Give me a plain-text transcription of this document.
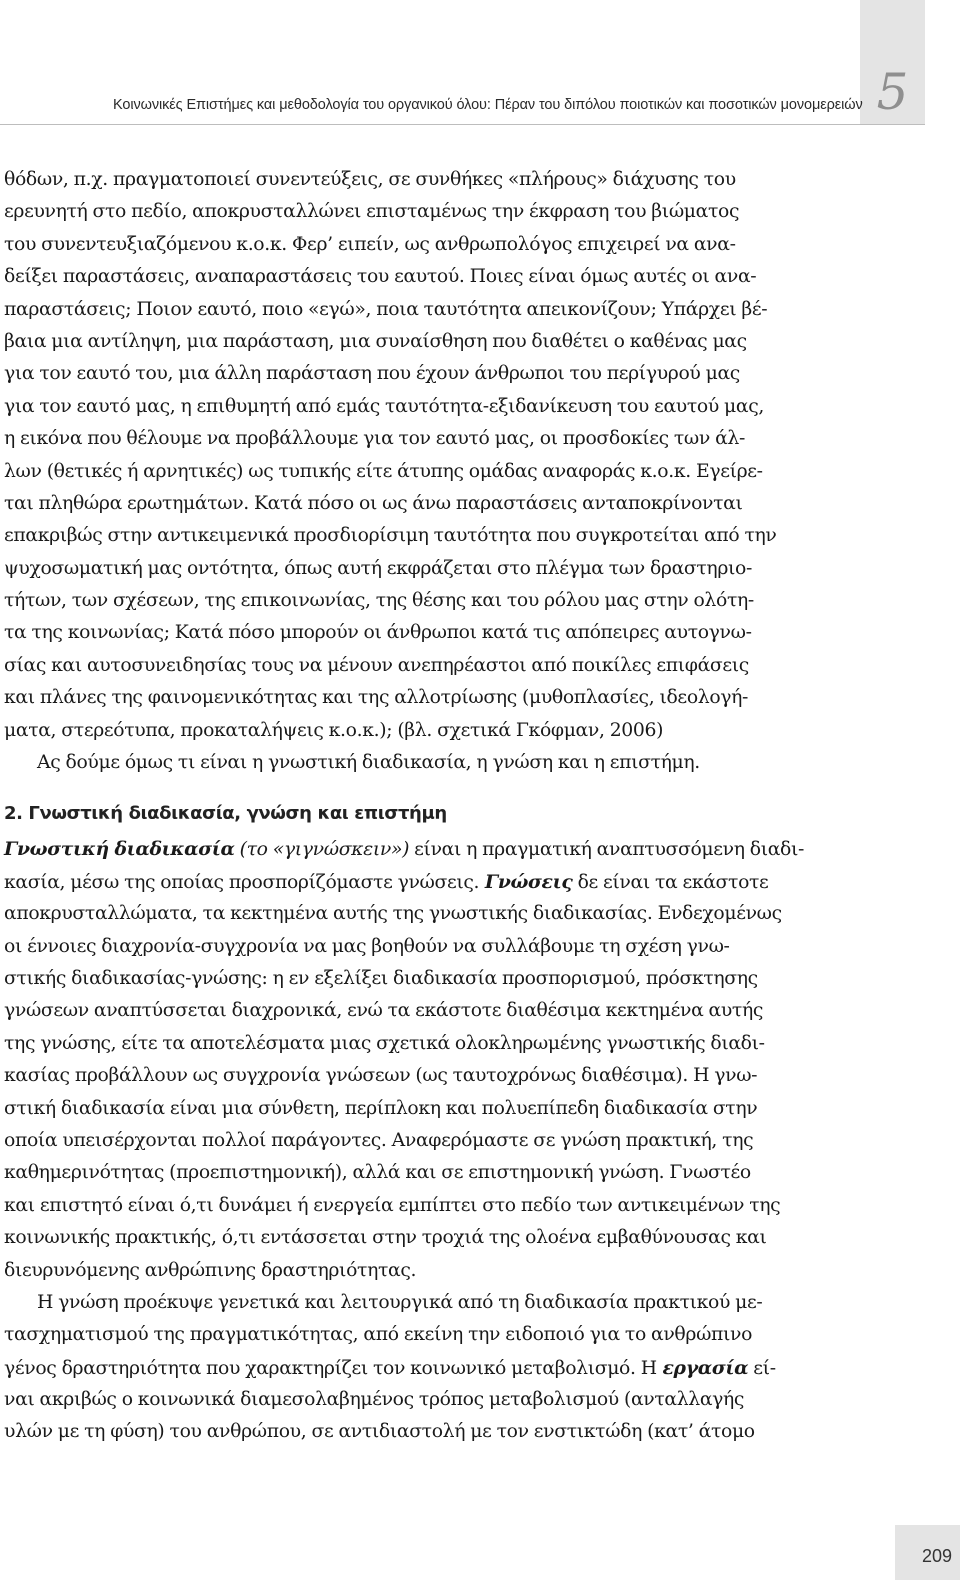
Κοινωνικές Επιστήμες και μεθοδολογία του οργανικού όλου: Πέραν του διπόλου ποιοτικών και ποσοτικών μονομερειών 5
θόδων, π.χ. πραγματοποιεί συνεντεύξεις, σε συνθήκες «πλήρους» διάχυσης του
ερευνητή στο πεδίο, αποκρυσταλλώνει επισταμένως την έκφραση του βιώματος
του συνεντευξιαζόμενου κ.ο.κ. Φερ’ ειπείν, ως ανθρωπολόγος επιχειρεί να ανα-
δείξει παραστάσεις, αναπαραστάσεις του εαυτού. Ποιες είναι όμως αυτές οι ανα-
παραστάσεις; Ποιον εαυτό, ποιο «εγώ», ποια ταυτότητα απεικονίζουν; Υπάρχει βέ-
βαια μια αντίληψη, μια παράσταση, μια συναίσθηση που διαθέτει ο καθένας μας
για τον εαυτό του, μια άλλη παράσταση που έχουν άνθρωποι του περίγυρού μας
για τον εαυτό μας, η επιθυμητή από εμάς ταυτότητα-εξιδανίκευση του εαυτού μας,
η εικόνα που θέλουμε να προβάλλουμε για τον εαυτό μας, οι προσδοκίες των άλ-
λων (θετικές ή αρνητικές) ως τυπικής είτε άτυπης ομάδας αναφοράς κ.ο.κ. Εγείρε-
ται πληθώρα ερωτημάτων. Κατά πόσο οι ως άνω παραστάσεις ανταποκρίνονται
επακριβώς στην αντικειμενικά προσδιορίσιμη ταυτότητα που συγκροτείται από την
ψυχοσωματική μας οντότητα, όπως αυτή εκφράζεται στο πλέγμα των δραστηριο-
τήτων, των σχέσεων, της επικοινωνίας, της θέσης και του ρόλου μας στην ολότη-
τα της κοινωνίας; Κατά πόσο μπορούν οι άνθρωποι κατά τις απόπειρες αυτογνω-
σίας και αυτοσυνειδησίας τους να μένουν ανεπηρέαστοι από ποικίλες επιφάσεις
και πλάνες της φαινομενικότητας και της αλλοτρίωσης (μυθοπλασίες, ιδεολογή-
ματα, στερεότυπα, προκαταλήψεις κ.ο.κ.); (βλ. σχετικά Γκόφμαν, 2006)
Ας δούμε όμως τι είναι η γνωστική διαδικασία, η γνώση και η επιστήμη.
2. Γνωστική διαδικασία, γνώση και επιστήμη
Γνωστική διαδικασία (το «γιγνώσκειν») είναι η πραγματική αναπτυσσόμενη διαδι-
κασία, μέσω της οποίας προσπορίζόμαστε γνώσεις. Γνώσεις δε είναι τα εκάστοτε
αποκρυσταλλώματα, τα κεκτημένα αυτής της γνωστικής διαδικασίας. Ενδεχομένως
οι έννοιες διαχρονία-συγχρονία να μας βοηθούν να συλλάβουμε τη σχέση γνω-
στικής διαδικασίας-γνώσης: η εν εξελίξει διαδικασία προσπορισμού, πρόσκτησης
γνώσεων αναπτύσσεται διαχρονικά, ενώ τα εκάστοτε διαθέσιμα κεκτημένα αυτής
της γνώσης, είτε τα αποτελέσματα μιας σχετικά ολοκληρωμένης γνωστικής διαδι-
κασίας προβάλλουν ως συγχρονία γνώσεων (ως ταυτοχρόνως διαθέσιμα). Η γνω-
στική διαδικασία είναι μια σύνθετη, περίπλοκη και πολυεπίπεδη διαδικασία στην
οποία υπεισέρχονται πολλοί παράγοντες. Αναφερόμαστε σε γνώση πρακτική, της
καθημερινότητας (προεπιστημονική), αλλά και σε επιστημονική γνώση. Γνωστέο
και επιστητό είναι ό,τι δυνάμει ή ενεργεία εμπίπτει στο πεδίο των αντικειμένων της
κοινωνικής πρακτικής, ό,τι εντάσσεται στην τροχιά της ολοένα εμβαθύνουσας και
διευρυνόμενης ανθρώπινης δραστηριότητας.
Η γνώση προέκυψε γενετικά και λειτουργικά από τη διαδικασία πρακτικού με-
τασχηματισμού της πραγματικότητας, από εκείνη την ειδοποιό για το ανθρώπινο
γένος δραστηριότητα που χαρακτηρίζει τον κοινωνικό μεταβολισμό. Η εργασία εί-
ναι ακριβώς ο κοινωνικά διαμεσολαβημένος τρόπος μεταβολισμού (ανταλλαγής
υλών με τη φύση) του ανθρώπου, σε αντιδιαστολή με τον ενστικτώδη (κατ’ άτομο
209
